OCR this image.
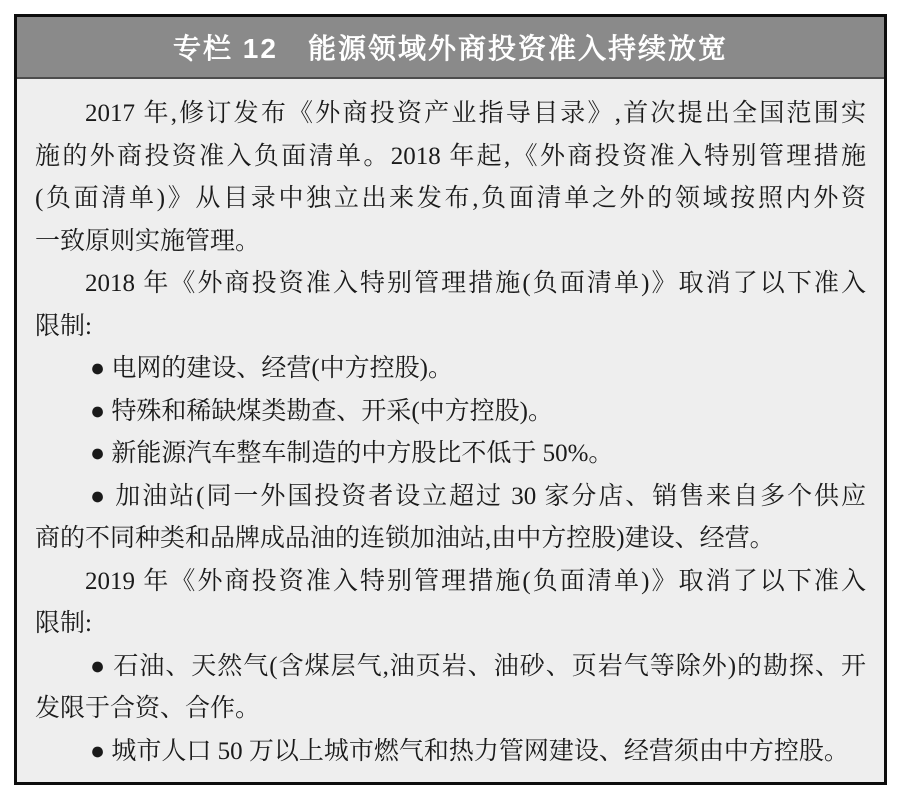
专栏 12　能源领域外商投资准入持续放宽
2017 年,修订发布《外商投资产业指导目录》,首次提出全国范围实
施的外商投资准入负面清单。2018 年起,《外商投资准入特别管理措施
(负面清单)》从目录中独立出来发布,负面清单之外的领域按照内外资
一致原则实施管理。
2018 年《外商投资准入特别管理措施(负面清单)》取消了以下准入
限制:
● 电网的建设、经营(中方控股)。
● 特殊和稀缺煤类勘查、开采(中方控股)。
● 新能源汽车整车制造的中方股比不低于 50%。
● 加油站(同一外国投资者设立超过 30 家分店、销售来自多个供应
商的不同种类和品牌成品油的连锁加油站,由中方控股)建设、经营。
2019 年《外商投资准入特别管理措施(负面清单)》取消了以下准入
限制:
● 石油、天然气(含煤层气,油页岩、油砂、页岩气等除外)的勘探、开
发限于合资、合作。
● 城市人口 50 万以上城市燃气和热力管网建设、经营须由中方控股。
